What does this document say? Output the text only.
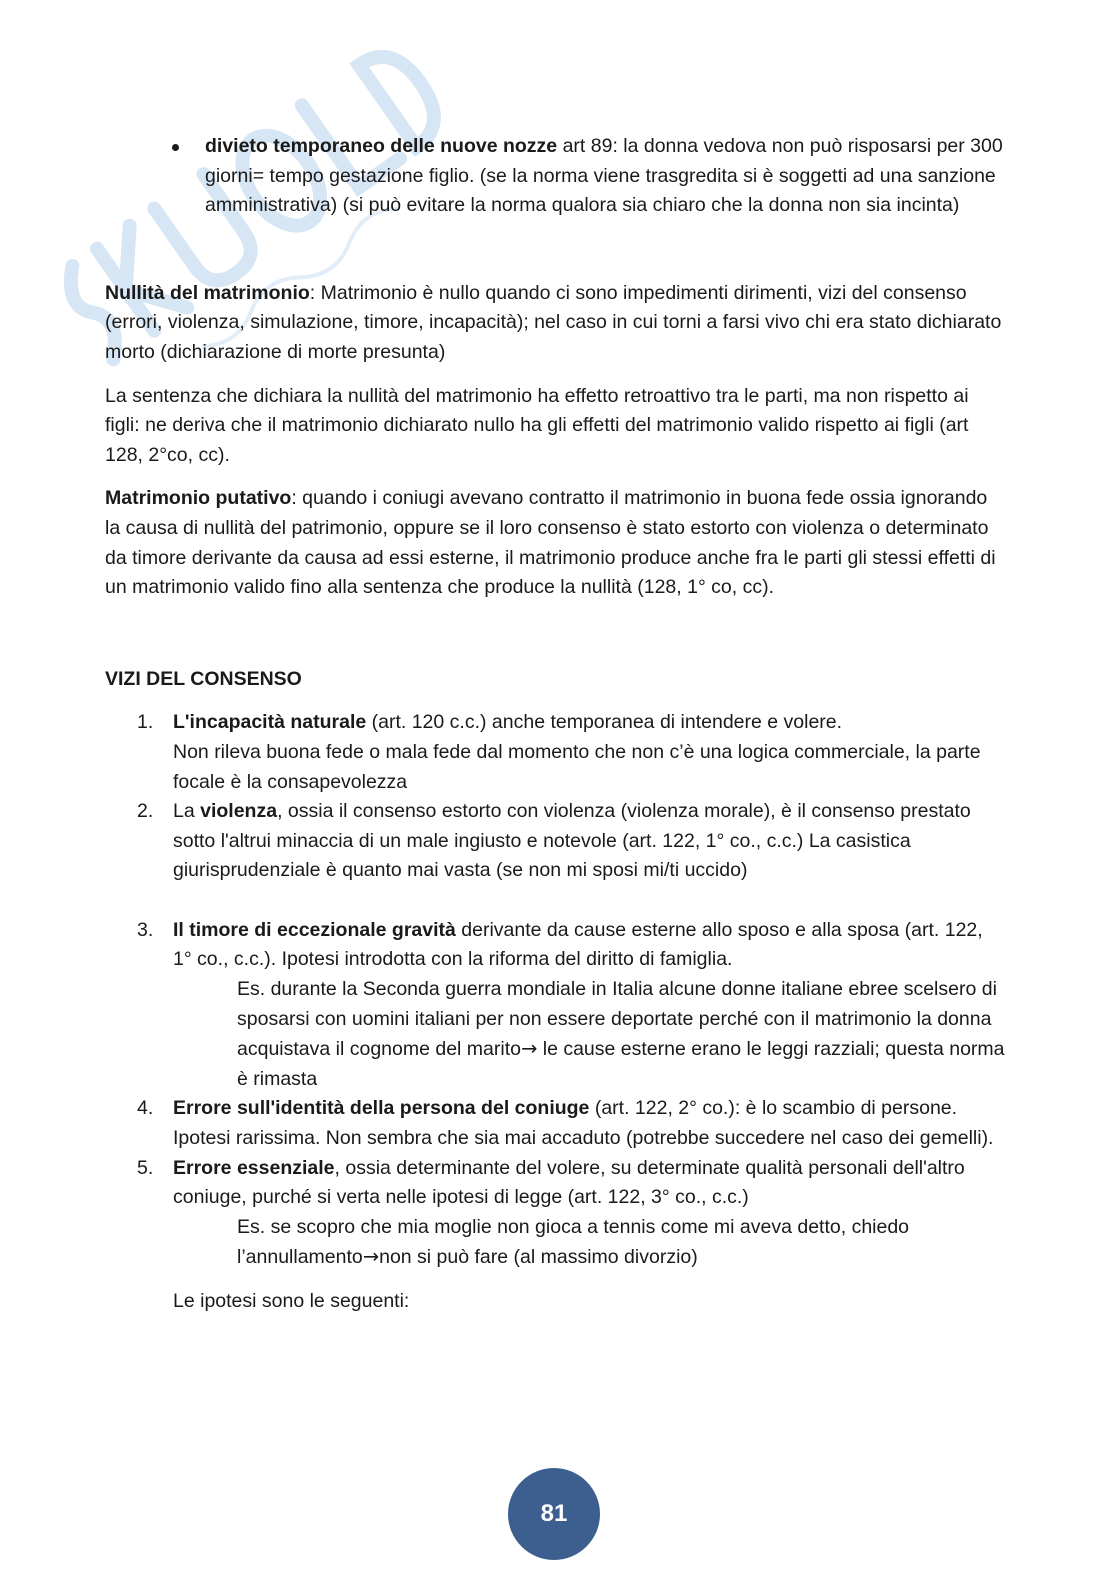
divieto temporaneo delle nuove nozze art 89: la donna vedova non può risposarsi per 300 giorni= tempo gestazione figlio. (se la norma viene trasgredita si è soggetti ad una sanzione amministrativa) (si può evitare la norma qualora sia chiaro che la donna non sia incinta)

Nullità del matrimonio: Matrimonio è nullo quando ci sono impedimenti dirimenti, vizi del consenso (errori, violenza, simulazione, timore, incapacità); nel caso in cui torni a farsi vivo chi era stato dichiarato morto (dichiarazione di morte presunta)

La sentenza che dichiara la nullità del matrimonio ha effetto retroattivo tra le parti, ma non rispetto ai figli: ne deriva che il matrimonio dichiarato nullo ha gli effetti del matrimonio valido rispetto ai figli (art 128, 2°co, cc).

Matrimonio putativo: quando i coniugi avevano contratto il matrimonio in buona fede ossia ignorando la causa di nullità del patrimonio, oppure se il loro consenso è stato estorto con violenza o determinato da timore derivante da causa ad essi esterne, il matrimonio produce anche fra le parti gli stessi effetti di un matrimonio valido fino alla sentenza che produce la nullità (128, 1° co, cc).

VIZI DEL CONSENSO

1. L'incapacità naturale (art. 120 c.c.) anche temporanea di intendere e volere.

Non rileva buona fede o mala fede dal momento che non c’è una logica commerciale, la parte focale è la consapevolezza

2. La violenza, ossia il consenso estorto con violenza (violenza morale), è il consenso prestato sotto l'altrui minaccia di un male ingiusto e notevole (art. 122, 1° co., c.c.) La casistica giurisprudenziale è quanto mai vasta (se non mi sposi mi/ti uccido)

3. Il timore di eccezionale gravità derivante da cause esterne allo sposo e alla sposa (art. 122, 1° co., c.c.). Ipotesi introdotta con la riforma del diritto di famiglia.

Es. durante la Seconda guerra mondiale in Italia alcune donne italiane ebree scelsero di sposarsi con uomini italiani per non essere deportate perché con il matrimonio la donna acquistava il cognome del marito→ le cause esterne erano le leggi razziali; questa norma è rimasta

4. Errore sull'identità della persona del coniuge (art. 122, 2° co.): è lo scambio di persone. Ipotesi rarissima. Non sembra che sia mai accaduto (potrebbe succedere nel caso dei gemelli).

5. Errore essenziale, ossia determinante del volere, su determinate qualità personali dell'altro coniuge, purché si verta nelle ipotesi di legge (art. 122, 3° co., c.c.)

Es. se scopro che mia moglie non gioca a tennis come mi aveva detto, chiedo l’annullamento→non si può fare (al massimo divorzio)

Le ipotesi sono le seguenti:

81
